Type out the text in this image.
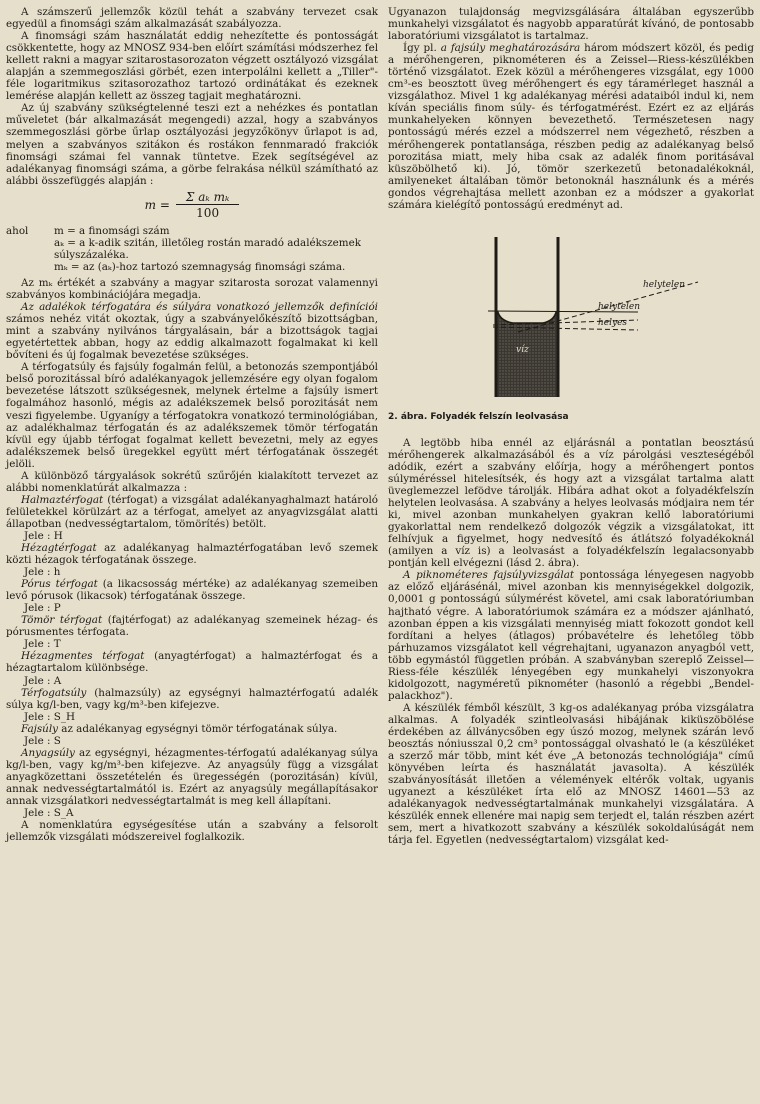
A számszerű jellemzők közül tehát a szabvány tervezet csak egyedül a finomsági szám alkalmazását szabályozza.

A finomsági szám használatát eddig nehezítette és pontosságát csökkentette, hogy az MNOSZ 934-ben előírt számítási módszerhez fel kellett rakni a magyar szitarostasorozaton végzett osztályozó vizsgálat alapján a szemmegoszlási görbét, ezen interpolálni kellett a „Tiller"-féle logaritmikus szitasorozathoz tartozó ordinátákat és ezeknek lemérése alapján kellett az összeg tagjait meghatározni.

Az új szabvány szükségtelenné teszi ezt a nehézkes és pontatlan műveletet (bár alkalmazását megengedi) azzal, hogy a szabványos szemmegoszlási görbe űrlap osztályozási jegyzőkönyv űrlapot is ad, melyen a szabványos szitákon és rostákon fennmaradó frakciók finomsági számai fel vannak tüntetve. Ezek segítségével az adalékanyag finomsági száma, a görbe felrakása nélkül számítható az alábbi összefüggés alapján :

$m = \frac{\text{Σ aₖ mₖ}}{100}$
ahol	m = a finomsági szám
aₖ = a k-adik szitán, illetőleg rostán maradó adalékszemek súlyszázaléka.
mₖ = az (aₖ)-hoz tartozó szemnagyság finomsági száma.

Az mₖ értékét a szabvány a magyar szitarosta sorozat valamennyi szabványos kombinációjára megadja.

Az adalékok térfogatára és súlyára vonatkozó jellemzők definíciói számos nehéz vitát okoztak, úgy a szabványelőkészítő bizottságban, mint a szabvány nyilvános tárgyalásain, bár a bizottságok tagjai egyetértettek abban, hogy az eddig alkalmazott fogalmakat ki kell bővíteni és új fogalmak bevezetése szükséges.

A térfogatsúly és fajsúly fogalmán felül, a betonozás szempontjából belső porozitással bíró adalékanyagok jellemzésére egy olyan fogalom bevezetése látszott szükségesnek, melynek értelme a fajsúly ismert fogalmához hasonló, mégis az adalékszemek belső porozitását nem veszi figyelembe. Ugyanígy a térfogatokra vonatkozó terminológiában, az adalékhalmaz térfogatán és az adalékszemek tömör térfogatán kívül egy újabb térfogat fogalmat kellett bevezetni, mely az egyes adalékszemek belső üregekkel együtt mért térfogatának összegét jelöli.

A különböző tárgyalások sokrétű szűrőjén kialakított tervezet az alábbi nomenklatúrát alkalmazza :

Halmaztérfogat (térfogat) a vizsgálat adalékanyaghalmazt határoló felületekkel körülzárt az a térfogat, amelyet az anyagvizsgálat alatti állapotban (nedvességtartalom, tömörítés) betölt.

Jele : H

Hézagtérfogat az adalékanyag halmaztérfogatában levő szemek közti hézagok térfogatának összege.

Jele : h

Pórus térfogat (a likacsosság mértéke) az adalékanyag szemeiben levő pórusok (likacsok) térfogatának összege.

Jele : P

Tömör térfogat (fajtérfogat) az adalékanyag szemeinek hézag- és pórusmentes térfogata.

Jele : T

Hézagmentes térfogat (anyagtérfogat) a halmaztérfogat és a hézagtartalom különbsége.

Jele : A

Térfogatsúly (halmazsúly) az egységnyi halmaztérfogatú adalék súlya kg/l-ben, vagy kg/m³-ben kifejezve.

Jele : S_H

Fajsúly az adalékanyag egységnyi tömör térfogatának súlya.

Jele : S

Anyagsúly az egységnyi, hézagmentes-térfogatú adalékanyag súlya kg/l-ben, vagy kg/m³-ben kifejezve. Az anyagsúly függ a vizsgálat anyagközettani összetételén és üregességén (porozitásán) kívül, annak nedvességtartalmától is. Ezért az anyagsúly megállapításakor annak vizsgálatkori nedvességtartalmát is meg kell állapítani.

Jele : S_A

A nomenklatúra egységesítése után a szabvány a felsorolt jellemzők vizsgálati módszereivel foglalkozik.

Ugyanazon tulajdonság megvizsgálására általában egyszerűbb munkahelyi vizsgálatot és nagyobb apparatúrát kívánó, de pontosabb laboratóriumi vizsgálatot is tartalmaz.

Így pl. a fajsúly meghatározására három módszert közöl, és pedig a mérőhengeren, piknométeren és a Zeissel—Riess-készülékben történő vizsgálatot. Ezek közül a mérőhengeres vizsgálat, egy 1000 cm³-es beosztott üveg mérőhengert és egy táramérleget használ a vizsgálathoz. Mivel 1 kg adalékanyag mérési adataiból indul ki, nem kíván speciális finom súly- és térfogatmérést. Ezért ez az eljárás munkahelyeken könnyen bevezethető. Természetesen nagy pontosságú mérés ezzel a módszerrel nem végezhető, részben a mérőhengerek pontatlansága, részben pedig az adalékanyag belső porozitása miatt, mely hiba csak az adalék finom poritásával küszöbölhető ki). Jó, tömör szerkezetű betonadalékoknál, amilyeneket általában tömör betonoknál használunk és a mérés gondos végrehajtása mellett azonban ez a módszer a gyakorlat számára kielégítő pontosságú eredményt ad.

helytelen
helytelen
helyes
víz

2. ábra. Folyadék felszín leolvasása

A legtöbb hiba ennél az eljárásnál a pontatlan beosztású mérőhengerek alkalmazásából és a víz párolgási veszteségéből adódik, ezért a szabvány előírja, hogy a mérőhengert pontos súlyméréssel hitelesítsék, és hogy azt a vizsgálat tartalma alatt üveglemezzel lefödve tárolják. Hibára adhat okot a folyadékfelszín helytelen leolvasása. A szabvány a helyes leolvasás módjaira nem tér ki, mivel azonban munkahelyen gyakran kellő laboratóriumi gyakorlattal nem rendelkező dolgozók végzik a vizsgálatokat, itt felhívjuk a figyelmet, hogy nedvesítő és átlátszó folyadékoknál (amilyen a víz is) a leolvasást a folyadékfelszín legalacsonyabb pontján kell elvégezni (lásd 2. ábra).

A piknométeres fajsúlyvizsgálat pontossága lényegesen nagyobb az előző eljárásénál, mivel azonban kis mennyiségekkel dolgozik, 0,0001 g pontosságú súlymérést követel, ami csak laboratóriumban hajtható végre. A laboratóriumok számára ez a módszer ajánlható, azonban éppen a kis vizsgálati mennyiség miatt fokozott gondot kell fordítani a helyes (átlagos) próbavételre és lehetőleg több párhuzamos vizsgálatot kell végrehajtani, ugyanazon anyagból vett, több egymástól független próbán. A szabványban szereplő Zeissel—Riess-féle készülék lényegében egy munkahelyi viszonyokra kidolgozott, nagyméretű piknométer (hasonló a régebbi „Bendel-palackhoz").

A készülék fémből készült, 3 kg-os adalékanyag próba vizsgálatra alkalmas. A folyadék szintleolvasási hibájának kiküszöbölése érdekében az állványcsőben egy úszó mozog, melynek szárán levő beosztás nóniusszal 0,2 cm³ pontossággal olvasható le (a készüléket a szerző már több, mint két éve „A betonozás technológiája" című könyvében leírta és használatát javasolta). A készülék szabványosítását illetően a vélemények eltérők voltak, ugyanis ugyanezt a készüléket írta elő az MNOSZ 14601—53 az adalékanyagok nedvességtartalmának munkahelyi vizsgálatára. A készülék ennek ellenére mai napig sem terjedt el, talán részben azért sem, mert a hivatkozott szabvány a készülék sokoldalúságát nem tárja fel. Egyetlen (nedvességtartalom) vizsgálat ked-
